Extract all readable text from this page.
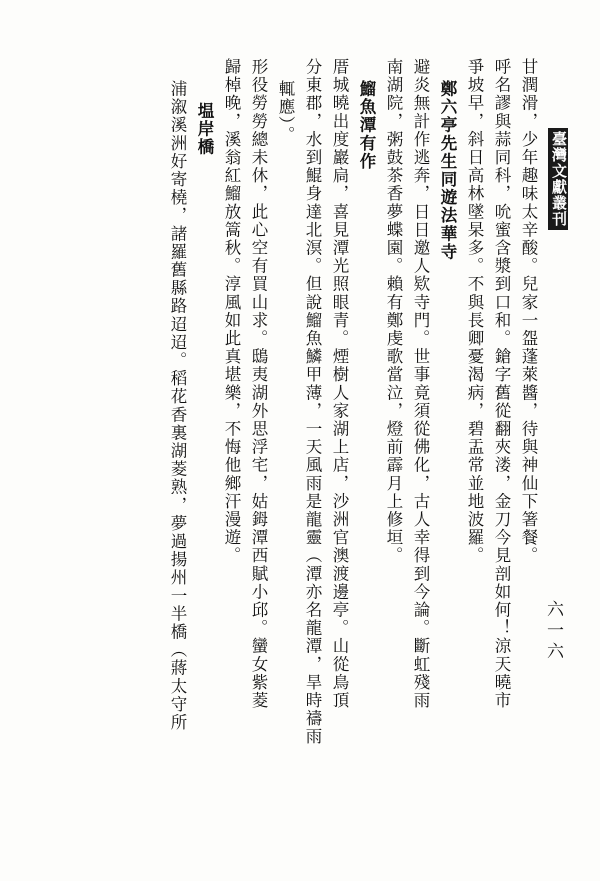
臺灣文獻叢刊
六一六
甘潤滑，少年趣味太辛酸。兒家一盌蓬萊醬，待與神仙下箸餐。
呼名謬與蒜同科，吮蜜含漿到口和。鎗字舊從翻夾溇，金刀今見剖如何！涼天曉市
爭坡早，斜日高林墜杲多。不與長卿憂渴病，碧盂常並地波羅。
鄭六亭先生同遊法華寺
避炎無計作逃奔，日日邀人欵寺門。世事竟須從佛化，古人幸得到今論。斷虹殘雨
南湖院，粥鼓茶香夢蝶園。賴有鄭虔歌當泣，燈前霹月上修垣。
鰡魚潭有作
厝城曉出度巖扃，喜見潭光照眼青。煙樹人家湖上店，沙洲官澳渡邊亭。山從鳥頂
分東郡，水到鯤身達北溟。但說鰡魚鱗甲薄，一天風雨是龍靈（潭亦名龍潭，旱時禱雨
輒應）。
形役勞勞總未休，此心空有買山求。鴟夷湖外思浮宅，姑鉧潭西賦小邱。蠻女紫菱
歸棹晚，溪翁紅鰡放篙秋。淳風如此真堪樂，不悔他鄉汗漫遊。
塭岸橋
浦溆溪洲好寄橈，諸羅舊縣路迢迢。稻花香裏湖菱熟，夢過揚州一半橋（蔣太守所
